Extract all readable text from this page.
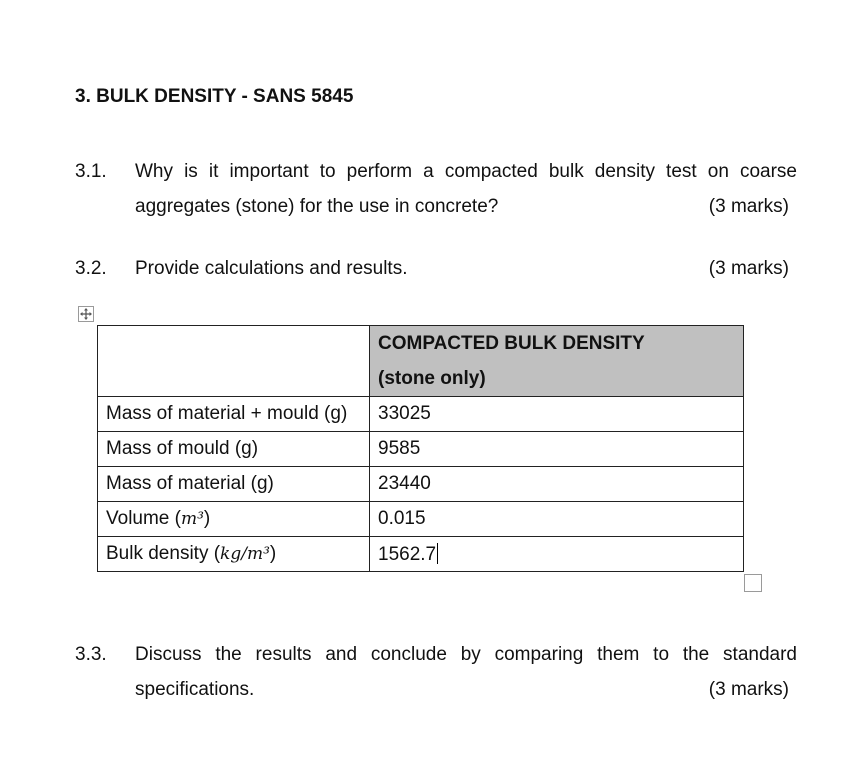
3. BULK DENSITY - SANS 5845
3.1. Why is it important to perform a compacted bulk density test on coarse
aggregates (stone) for the use in concrete?	(3 marks)
3.2. Provide calculations and results.	(3 marks)

	COMPACTED BULK DENSITY
(stone only)

Mass of material + mould (g)	33025
Mass of mould (g)	9585
Mass of material (g)	23440
Volume (m³)	0.015
Bulk density (kg/m³)	1562.7
3.3. Discuss the results and conclude by comparing them to the standard
specifications.	(3 marks)
